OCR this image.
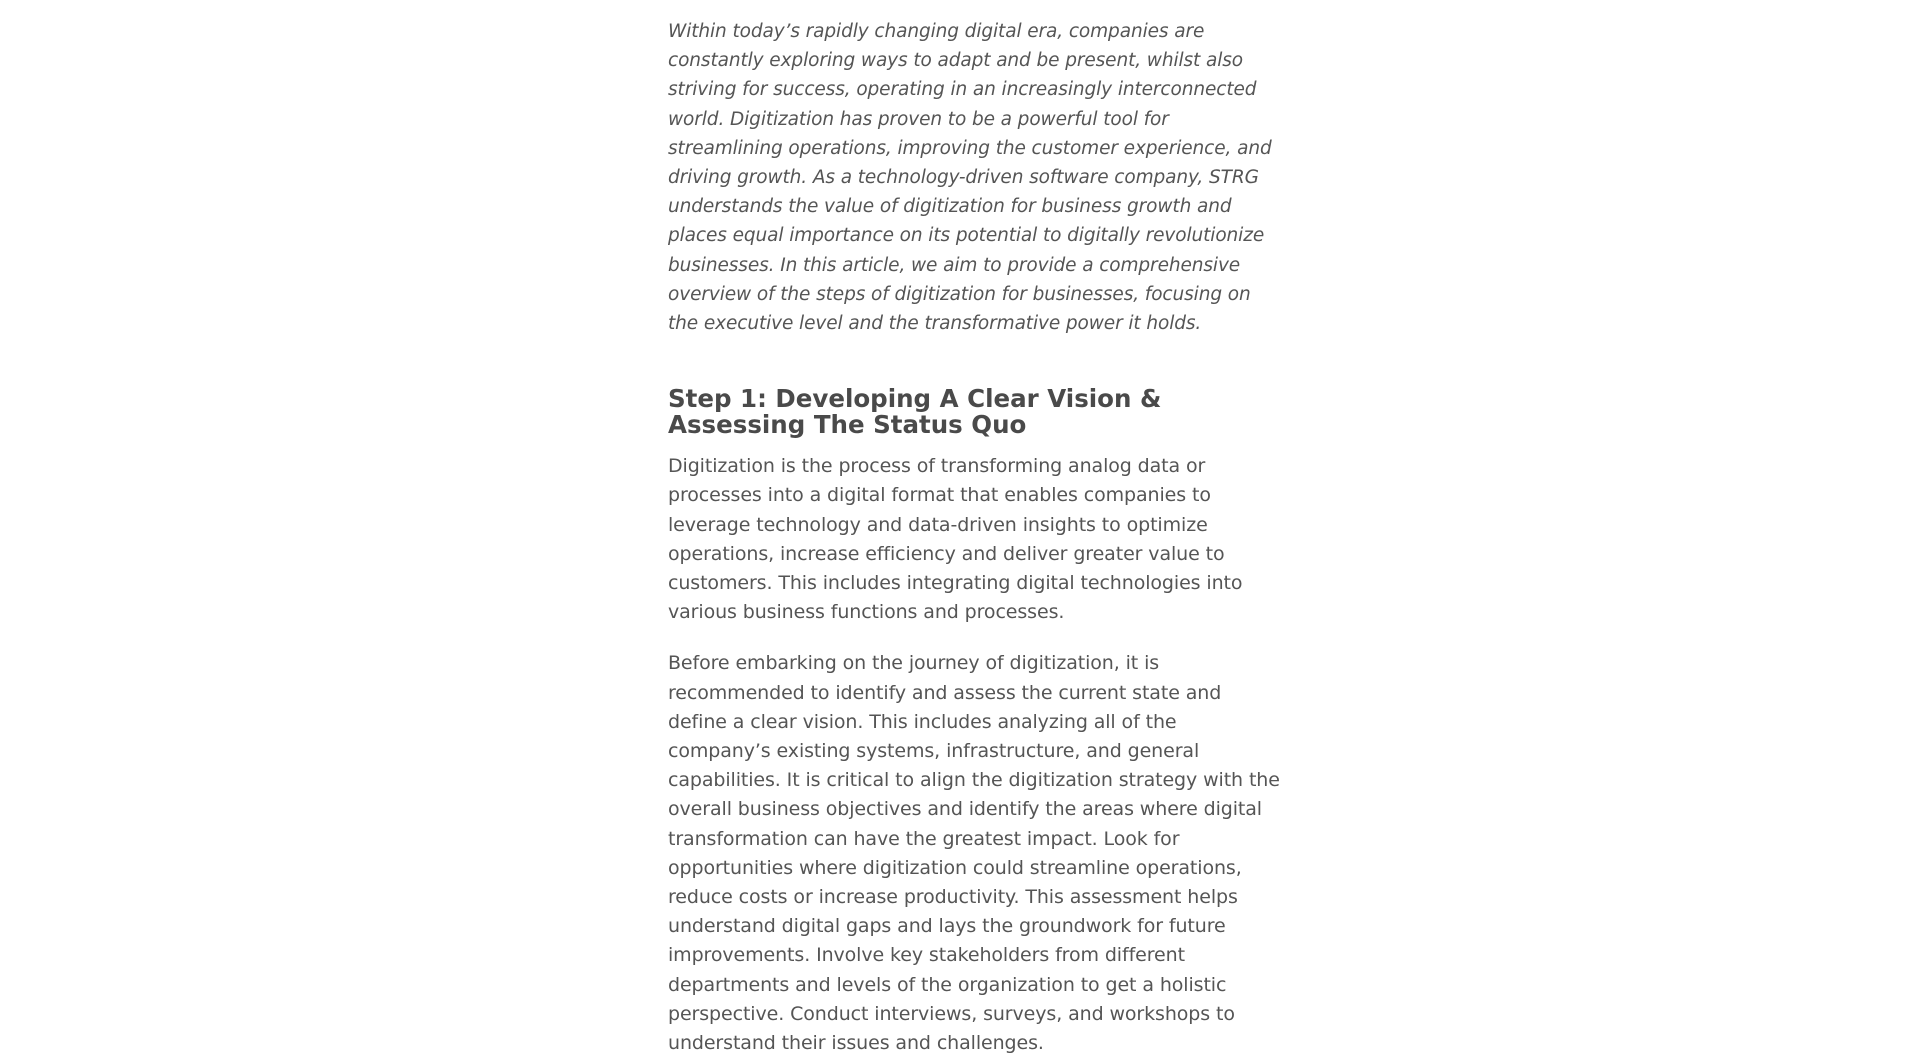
Within today’s rapidly changing digital era, companies are constantly exploring ways to adapt and be present, whilst also striving for success, operating in an increasingly interconnected world. Digitization has proven to be a powerful tool for streamlining operations, improving the customer experience, and driving growth. As a technology-driven software company, STRG understands the value of digitization for business growth and places equal importance on its potential to digitally revolutionize businesses. In this article, we aim to provide a comprehensive overview of the steps of digitization for businesses, focusing on the executive level and the transformative power it holds.

Step 1: Developing A Clear Vision & Assessing The Status Quo

Digitization is the process of transforming analog data or processes into a digital format that enables companies to leverage technology and data-driven insights to optimize operations, increase efficiency and deliver greater value to customers. This includes integrating digital technologies into various business functions and processes.

Before embarking on the journey of digitization, it is recommended to identify and assess the current state and define a clear vision. This includes analyzing all of the company’s existing systems, infrastructure, and general capabilities. It is critical to align the digitization strategy with the overall business objectives and identify the areas where digital transformation can have the greatest impact. Look for opportunities where digitization could streamline operations, reduce costs or increase productivity. This assessment helps understand digital gaps and lays the groundwork for future improvements. Involve key stakeholders from different departments and levels of the organization to get a holistic perspective. Conduct interviews, surveys, and workshops to understand their issues and challenges.
